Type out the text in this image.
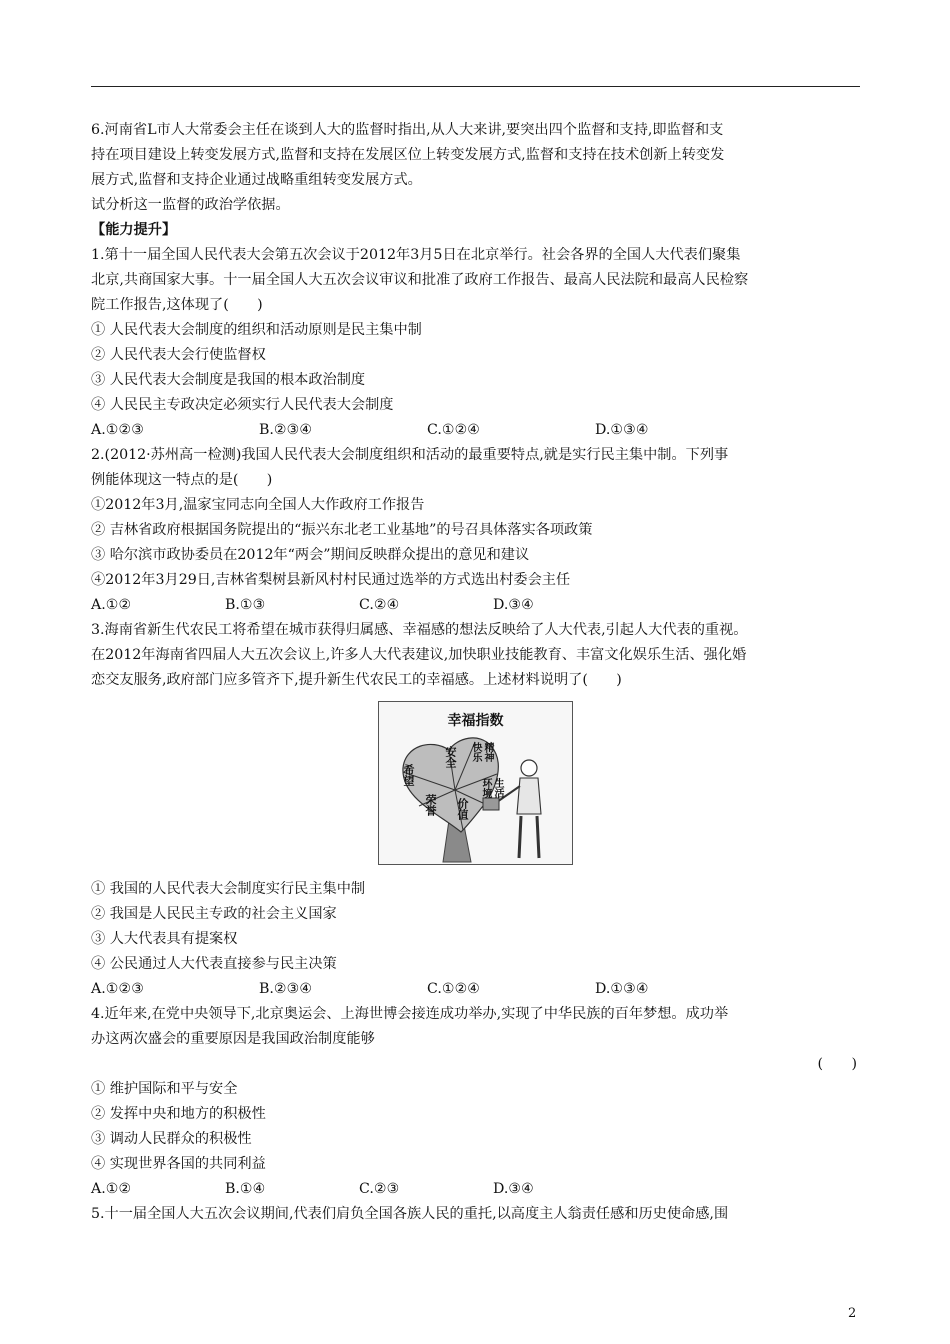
6.河南省L市人大常委会主任在谈到人大的监督时指出,从人大来讲,要突出四个监督和支持,即监督和支
持在项目建设上转变发展方式,监督和支持在发展区位上转变发展方式,监督和支持在技术创新上转变发
展方式,监督和支持企业通过战略重组转变发展方式。
试分析这一监督的政治学依据。
【能力提升】
1.第十一届全国人民代表大会第五次会议于2012年3月5日在北京举行。社会各界的全国人大代表们聚集
北京,共商国家大事。十一届全国人大五次会议审议和批准了政府工作报告、最高人民法院和最高人民检察
院工作报告,这体现了(　　)
① 人民代表大会制度的组织和活动原则是民主集中制
② 人民代表大会行使监督权
③ 人民代表大会制度是我国的根本政治制度
④ 人民民主专政决定必须实行人民代表大会制度
A.①②③	B.②③④	C.①②④	D.①③④
2.(2012·苏州高一检测)我国人民代表大会制度组织和活动的最重要特点,就是实行民主集中制。下列事
例能体现这一特点的是(　　)
①2012年3月,温家宝同志向全国人大作政府工作报告
② 吉林省政府根据国务院提出的“振兴东北老工业基地”的号召具体落实各项政策
③ 哈尔滨市政协委员在2012年“两会”期间反映群众提出的意见和建议
④2012年3月29日,吉林省梨树县新风村村民通过选举的方式选出村委会主任
A.①②	B.①③	C.②④	D.③④
3.海南省新生代农民工将希望在城市获得归属感、幸福感的想法反映给了人大代表,引起人大代表的重视。
在2012年海南省四届人大五次会议上,许多人大代表建议,加快职业技能教育、丰富文化娱乐生活、强化婚
恋交友服务,政府部门应多管齐下,提升新生代农民工的幸福感。上述材料说明了(　　)
幸福指数
希望
安全	精神快乐
生活环境
荣誉 价值
① 我国的人民代表大会制度实行民主集中制
② 我国是人民民主专政的社会主义国家
③ 人大代表具有提案权
④ 公民通过人大代表直接参与民主决策
A.①②③	B.②③④	C.①②④	D.①③④
4.近年来,在党中央领导下,北京奥运会、上海世博会接连成功举办,实现了中华民族的百年梦想。成功举
办这两次盛会的重要原因是我国政治制度能够
(　　)
① 维护国际和平与安全
② 发挥中央和地方的积极性
③ 调动人民群众的积极性
④ 实现世界各国的共同利益
A.①②	B.①④	C.②③	D.③④
5.十一届全国人大五次会议期间,代表们肩负全国各族人民的重托,以高度主人翁责任感和历史使命感,围
2
